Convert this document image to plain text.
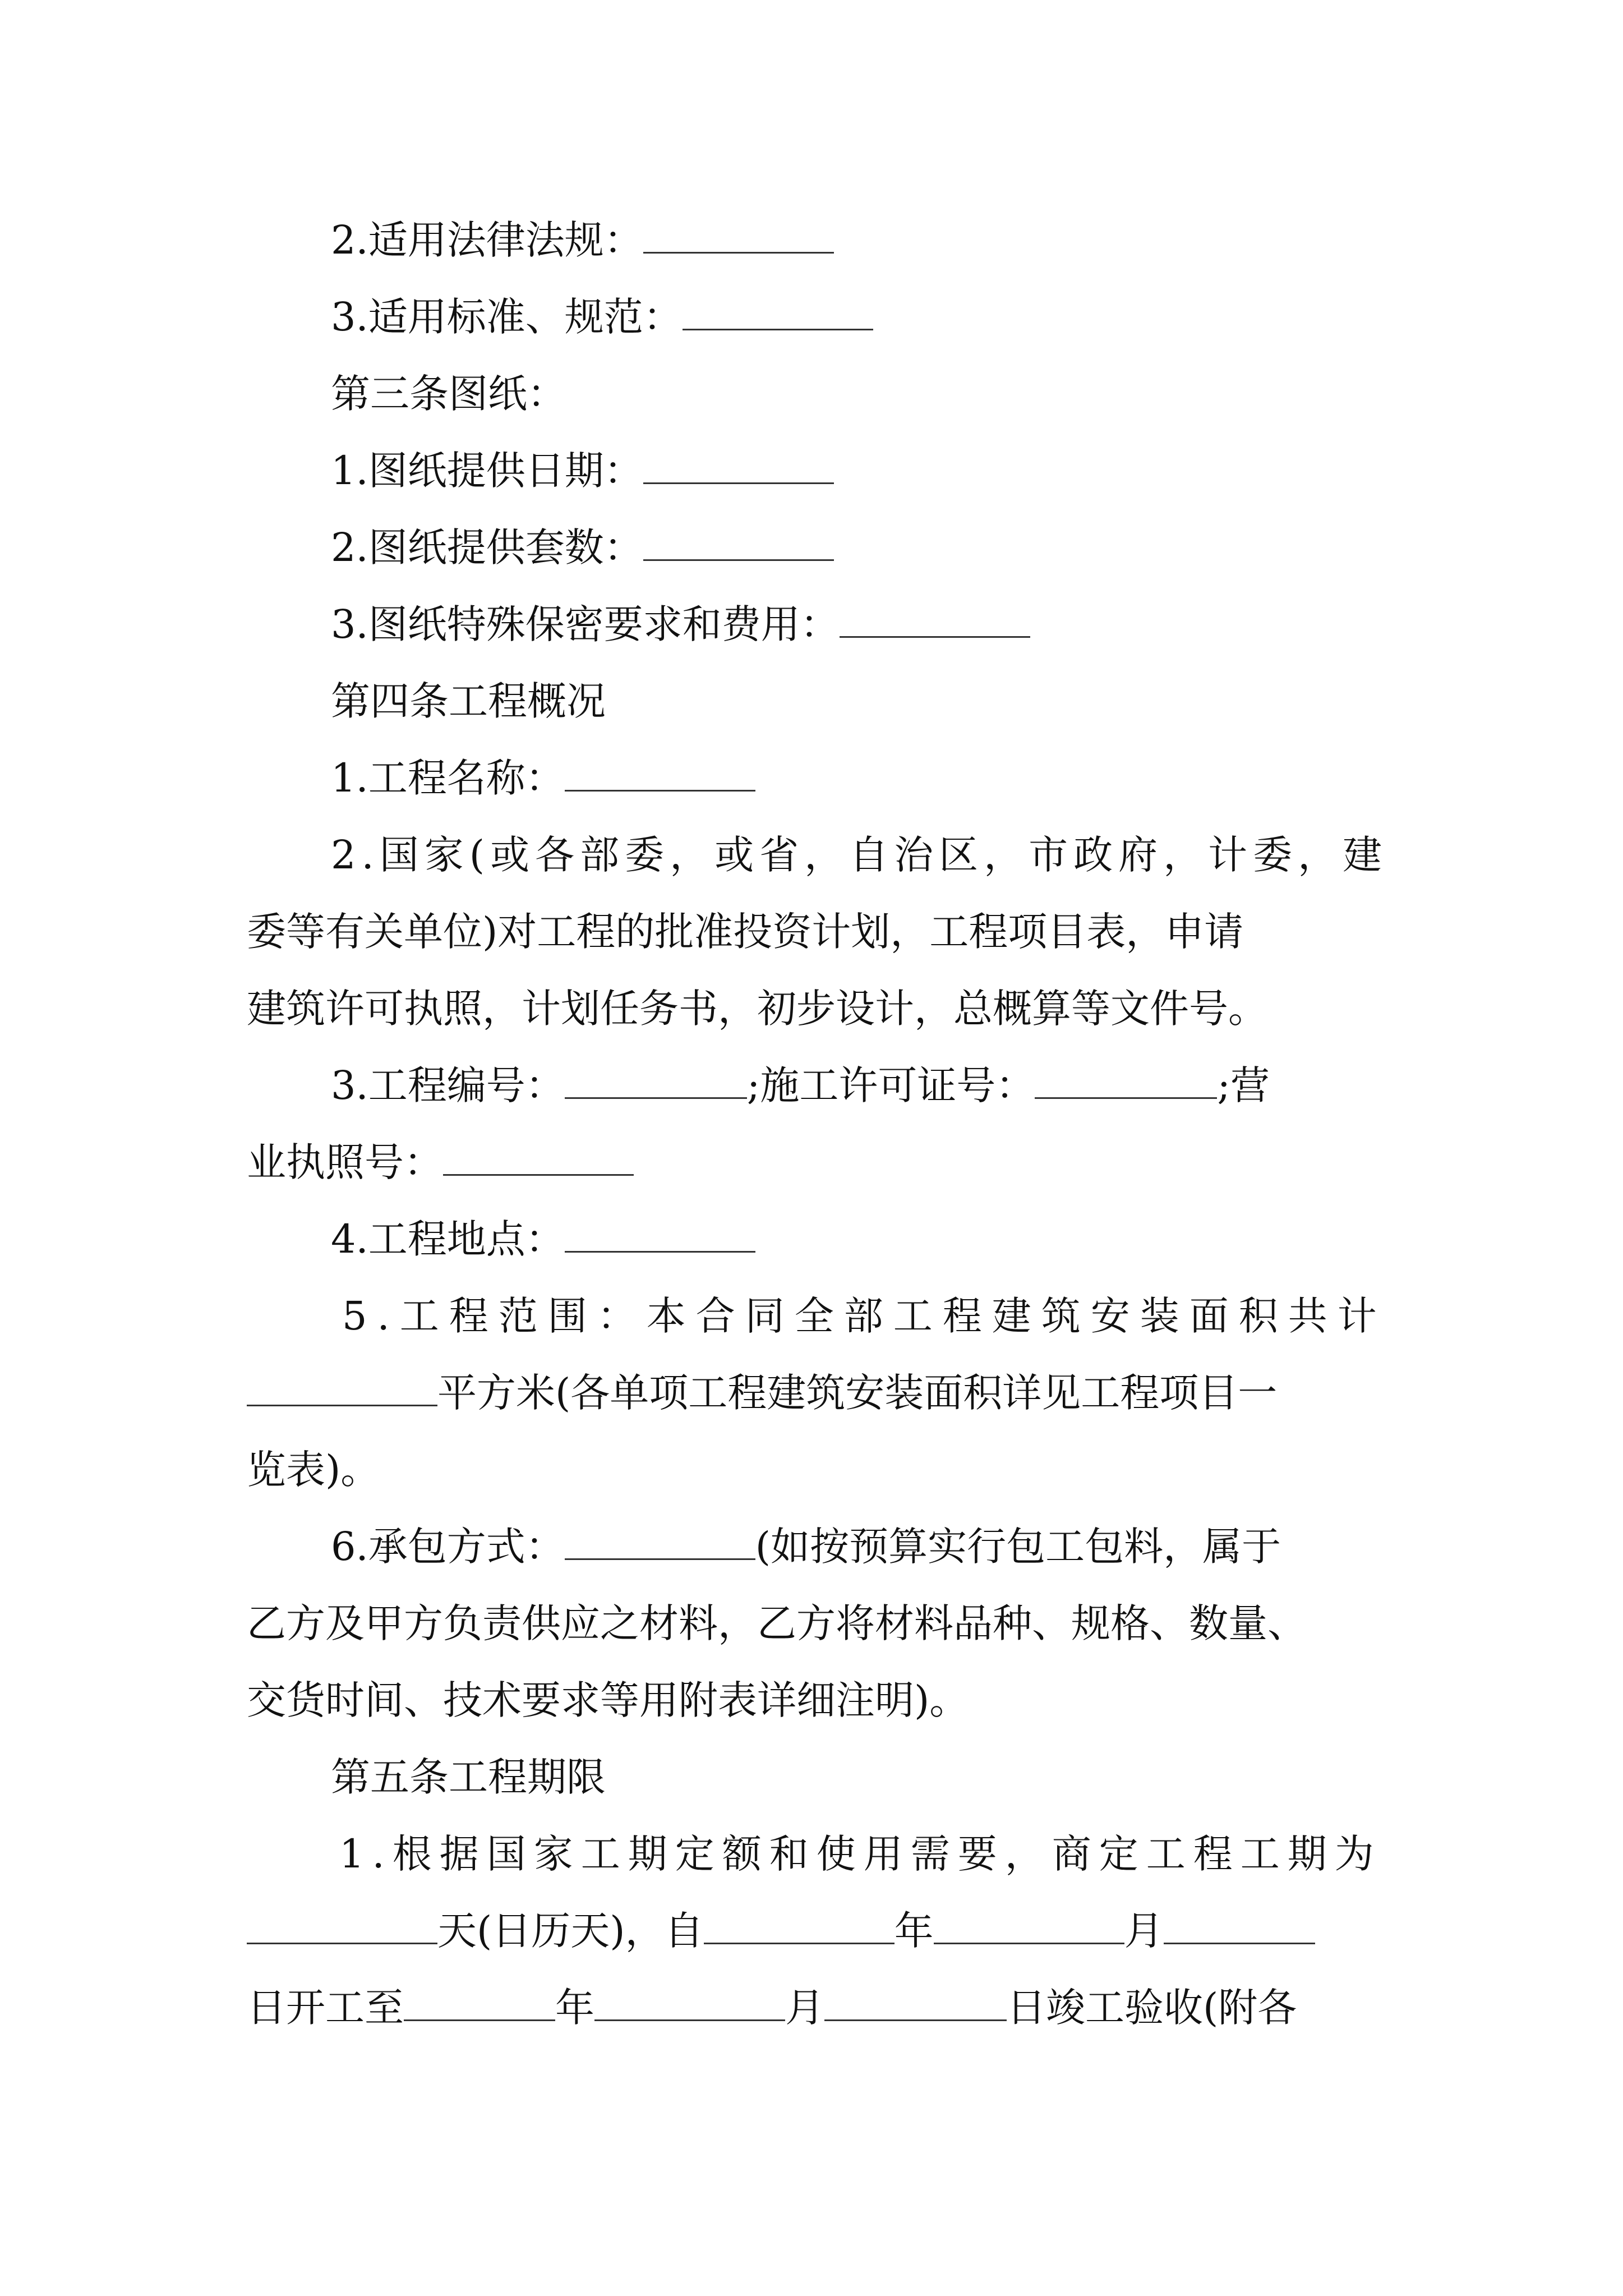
2.适用法律法规：
3.适用标准、规范：
第三条图纸：
1.图纸提供日期：
2.图纸提供套数：
3.图纸特殊保密要求和费用：
第四条工程概况
1.工程名称：
2.国家(或各部委，或省，自治区，市政府，计委，建
委等有关单位)对工程的批准投资计划，工程项目表，申请
建筑许可执照，计划任务书，初步设计，总概算等文件号。
3.工程编号：	;施工许可证号：	;营
业执照号：
4.工程地点：
5.工程范围：本合同全部工程建筑安装面积共计
平方米(各单项工程建筑安装面积详见工程项目一
览表)。
6.承包方式：	(如按预算实行包工包料，属于
乙方及甲方负责供应之材料，乙方将材料品种、规格、数量、
交货时间、技术要求等用附表详细注明)。
第五条工程期限
1.根据国家工期定额和使用需要，商定工程工期为
天(日历天)，自	年	月
日开工至	年	月	日竣工验收(附各
